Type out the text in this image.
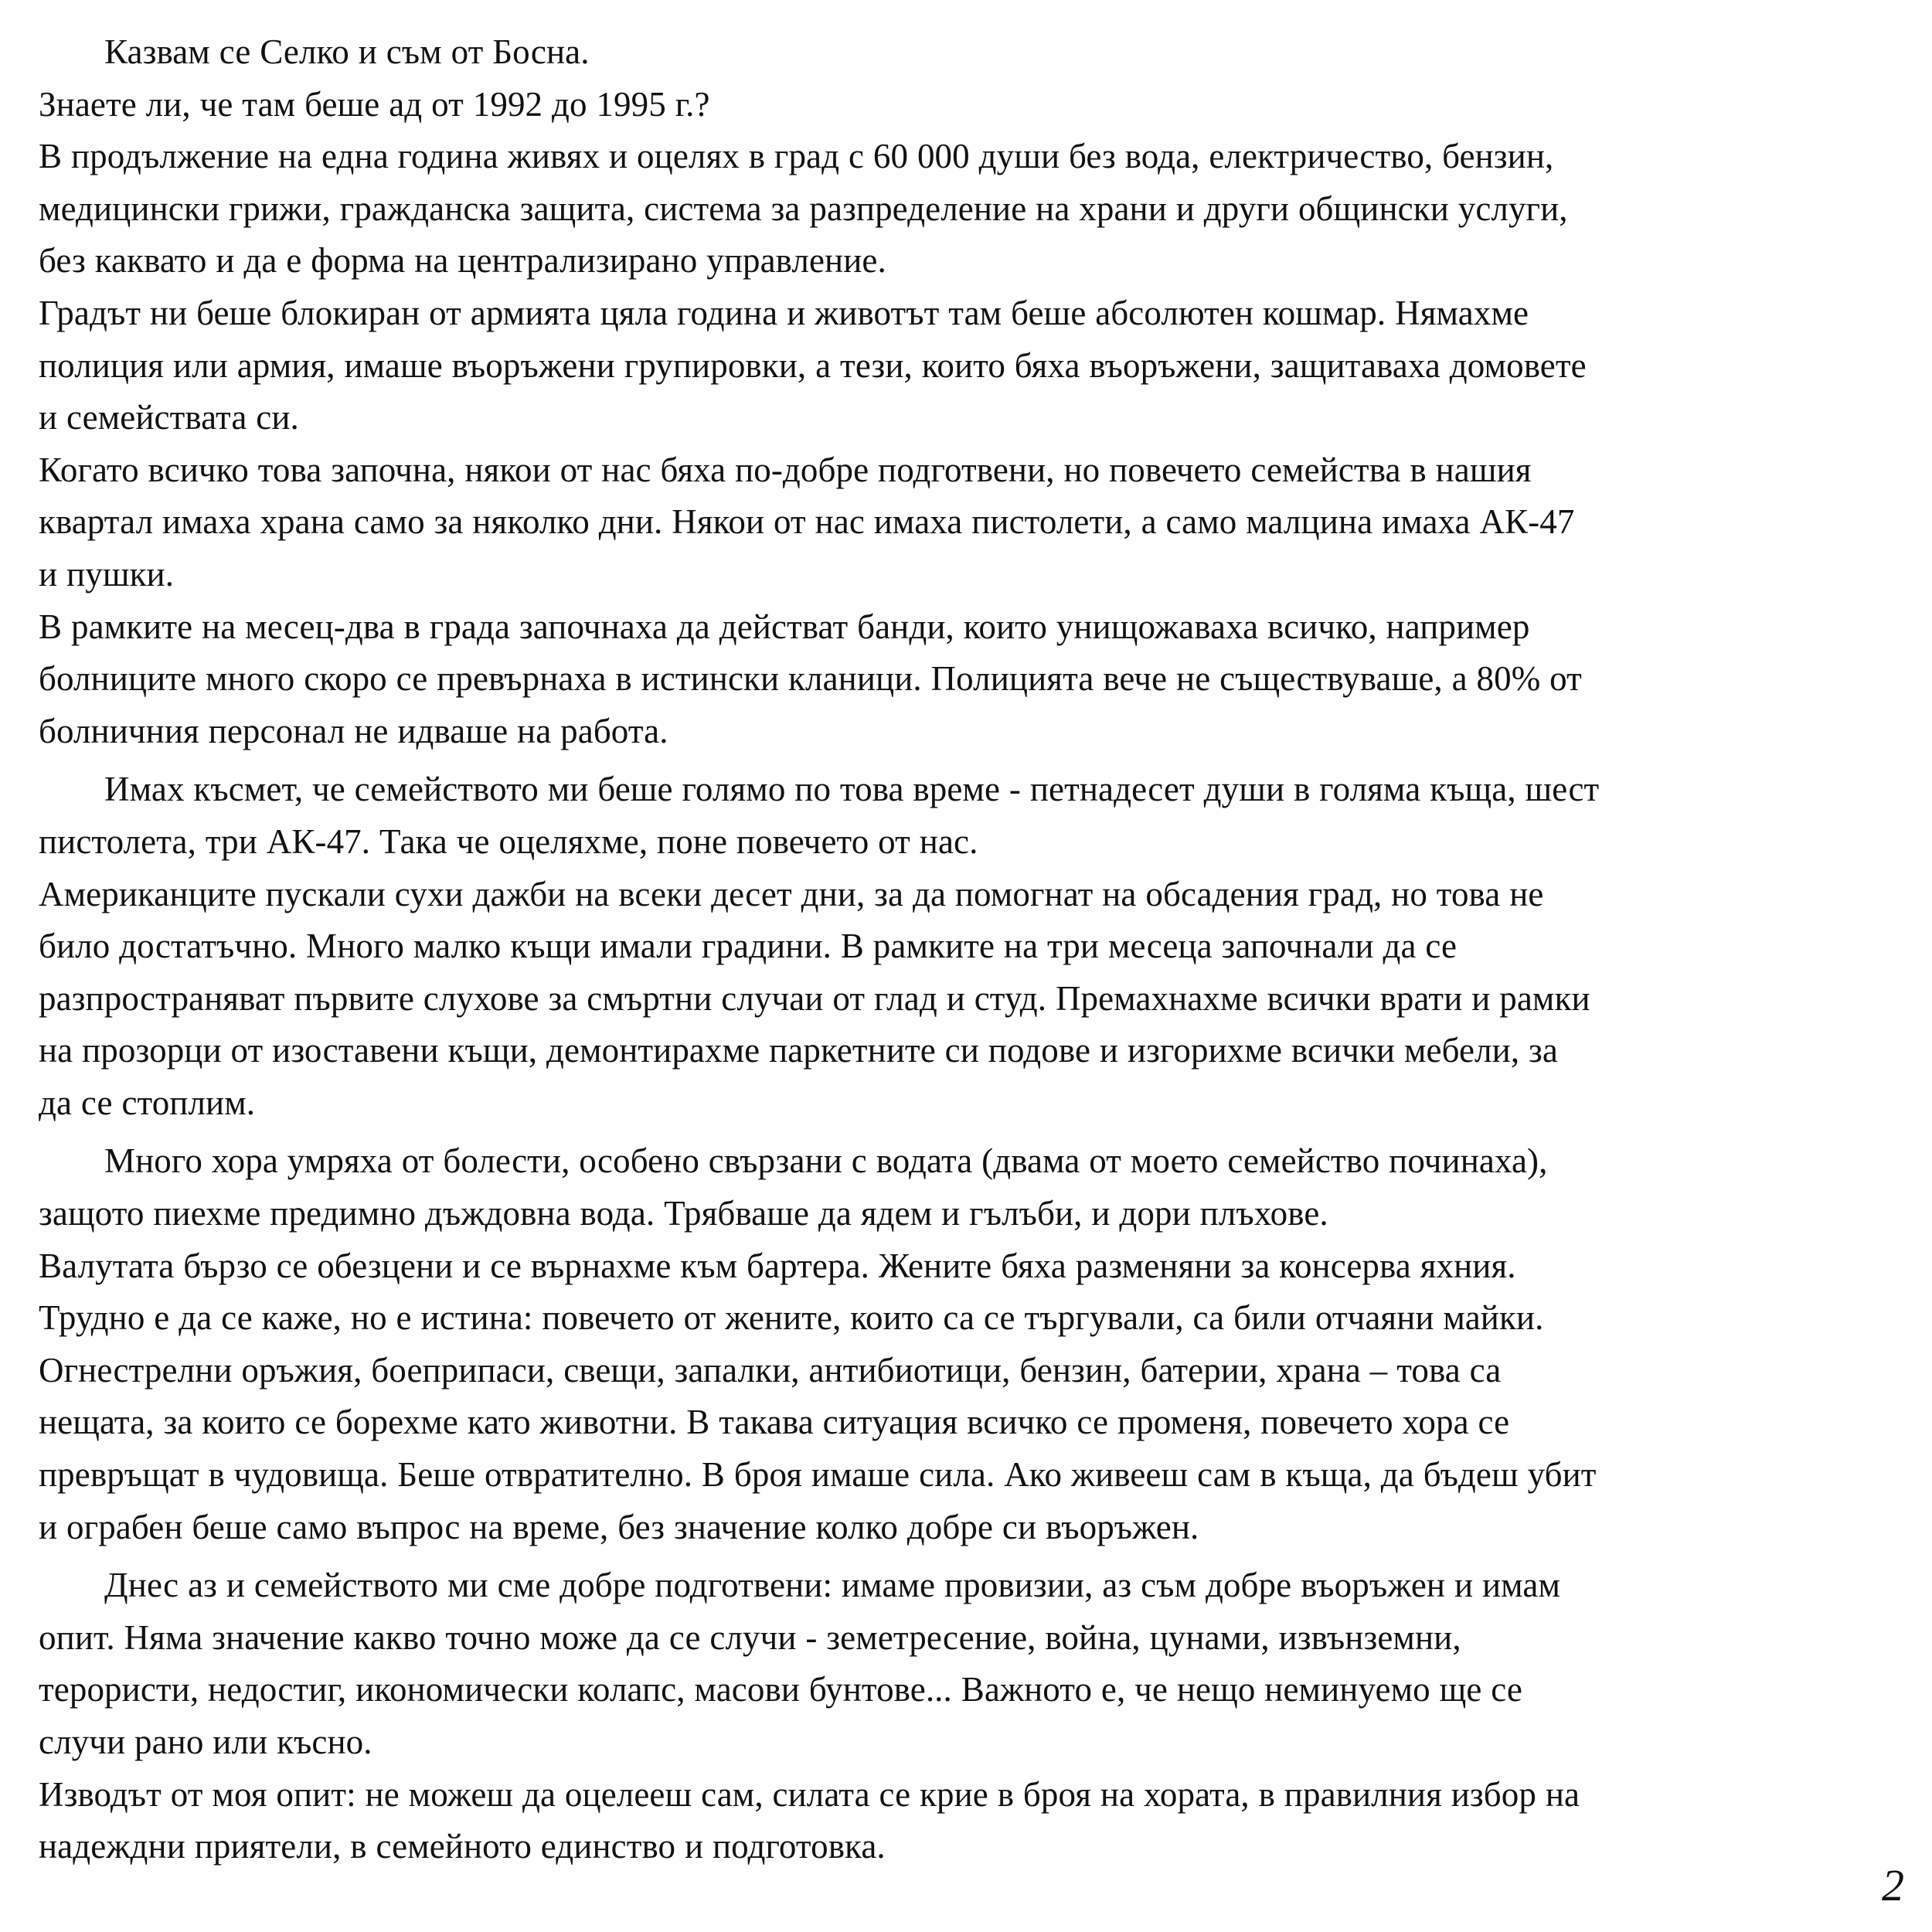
Казвам се Селко и съм от Босна.
Знаете ли, че там беше ад от 1992 до 1995 г.?
В продължение на една година живях и оцелях в град с 60 000 души без вода, електричество, бензин,
медицински грижи, гражданска защита, система за разпределение на храни и други общински услуги,
без каквато и да е форма на централизирано управление.
Градът ни беше блокиран от армията цяла година и животът там беше абсолютен кошмар. Нямахме
полиция или армия, имаше въоръжени групировки, а тези, които бяха въоръжени, защитаваха домовете
и семействата си.
Когато всичко това започна, някои от нас бяха по-добре подготвени, но повечето семейства в нашия
квартал имаха храна само за няколко дни. Някои от нас имаха пистолети, а само малцина имаха АК-47
и пушки.
В рамките на месец-два в града започнаха да действат банди, които унищожаваха всичко, например
болниците много скоро се превърнаха в истински кланици. Полицията вече не съществуваше, а 80% от
болничния персонал не идваше на работа.
Имах късмет, че семейството ми беше голямо по това време - петнадесет души в голяма къща, шест
пистолета, три АК-47. Така че оцеляхме, поне повечето от нас.
Американците пускали сухи дажби на всеки десет дни, за да помогнат на обсадения град, но това не
било достатъчно. Много малко къщи имали градини. В рамките на три месеца започнали да се
разпространяват първите слухове за смъртни случаи от глад и студ. Премахнахме всички врати и рамки
на прозорци от изоставени къщи, демонтирахме паркетните си подове и изгорихме всички мебели, за
да се стоплим.
Много хора умряха от болести, особено свързани с водата (двама от моето семейство починаха),
защото пиехме предимно дъждовна вода. Трябваше да ядем и гълъби, и дори плъхове.
Валутата бързо се обезцени и се върнахме към бартера. Жените бяха разменяни за консерва яхния.
Трудно е да се каже, но е истина: повечето от жените, които са се търгували, са били отчаяни майки.
Огнестрелни оръжия, боеприпаси, свещи, запалки, антибиотици, бензин, батерии, храна – това са
нещата, за които се борехме като животни. В такава ситуация всичко се променя, повечето хора се
превръщат в чудовища. Беше отвратително. В броя имаше сила. Ако живееш сам в къща, да бъдеш убит
и ограбен беше само въпрос на време, без значение колко добре си въоръжен.
Днес аз и семейството ми сме добре подготвени: имаме провизии, аз съм добре въоръжен и имам
опит. Няма значение какво точно може да се случи - земетресение, война, цунами, извънземни,
терористи, недостиг, икономически колапс, масови бунтове... Важното е, че нещо неминуемо ще се
случи рано или късно.
Изводът от моя опит: не можеш да оцелееш сам, силата се крие в броя на хората, в правилния избор на
надеждни приятели, в семейното единство и подготовка.
2
